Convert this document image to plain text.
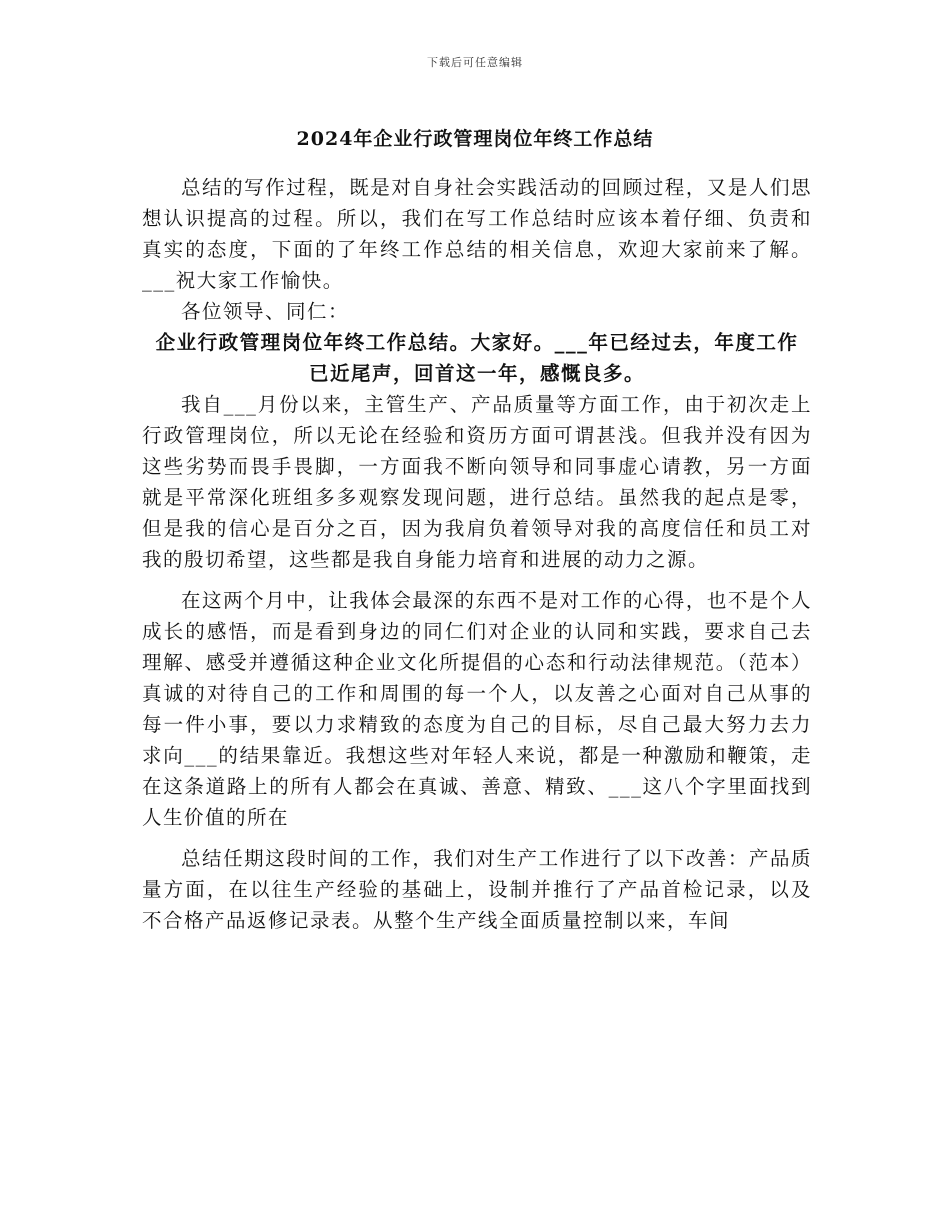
下载后可任意编辑
2024年企业行政管理岗位年终工作总结

总结的写作过程，既是对自身社会实践活动的回顾过程，又是人们思想认识提高的过程。所以，我们在写工作总结时应该本着仔细、负责和真实的态度，下面的了年终工作总结的相关信息，欢迎大家前来了解。___祝大家工作愉快。

各位领导、同仁：

企业行政管理岗位年终工作总结。大家好。___年已经过去，年度工作已近尾声，回首这一年，感慨良多。

我自___月份以来，主管生产、产品质量等方面工作，由于初次走上行政管理岗位，所以无论在经验和资历方面可谓甚浅。但我并没有因为这些劣势而畏手畏脚，一方面我不断向领导和同事虚心请教，另一方面就是平常深化班组多多观察发现问题，进行总结。虽然我的起点是零，但是我的信心是百分之百，因为我肩负着领导对我的高度信任和员工对我的殷切希望，这些都是我自身能力培育和进展的动力之源。

在这两个月中，让我体会最深的东西不是对工作的心得，也不是个人成长的感悟，而是看到身边的同仁们对企业的认同和实践，要求自己去理解、感受并遵循这种企业文化所提倡的心态和行动法律规范。（范本）真诚的对待自己的工作和周围的每一个人，以友善之心面对自己从事的每一件小事，要以力求精致的态度为自己的目标，尽自己最大努力去力求向___的结果靠近。我想这些对年轻人来说，都是一种激励和鞭策，走在这条道路上的所有人都会在真诚、善意、精致、___这八个字里面找到人生价值的所在

总结任期这段时间的工作，我们对生产工作进行了以下改善：产品质量方面，在以往生产经验的基础上，设制并推行了产品首检记录，以及不合格产品返修记录表。从整个生产线全面质量控制以来，车间
